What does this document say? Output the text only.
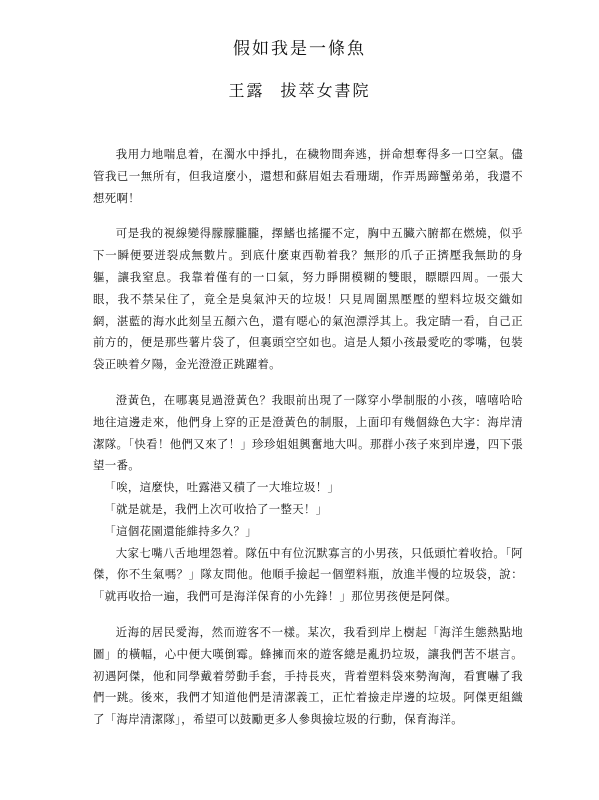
假如我是一條魚
王露 拔萃女書院

我用力地喘息着，在濁水中掙扎，在穢物間奔逃，拼命想奪得多一口空氣。儘管我已一無所有，但我這麼小，還想和蘇眉姐去看珊瑚，作弄馬蹄蟹弟弟，我還不想死啊！

可是我的視線變得朦朦朧朧，擇鰭也搖擺不定，胸中五臟六腑都在燃燒，似乎下一瞬便要迸裂成無數片。到底什麼東西勒着我？無形的爪子正擠壓我無助的身軀，讓我窒息。我靠着僅有的一口氣，努力睜開模糊的雙眼，瞟瞟四周。一張大眼，我不禁呆住了，竟全是臭氣沖天的垃圾！只見周圍黑壓壓的塑料垃圾交織如網，湛藍的海水此刻呈五顏六色，還有噁心的氣泡漂浮其上。我定睛一看，自己正前方的，便是那些薯片袋了，但裏頭空空如也。這是人類小孩最愛吃的零嘴，包裝袋正映着夕陽，金光澄澄正跳躍着。

澄黃色，在哪裏見過澄黃色？我眼前出現了一隊穿小學制服的小孩，嘻嘻哈哈地往這邊走來，他們身上穿的正是澄黃色的制服，上面印有幾個綠色大字：海岸清潔隊。「快看！他們又來了！」珍珍姐姐興奮地大叫。那群小孩子來到岸邊，四下張望一番。

「唉，這麼快，吐露港又積了一大堆垃圾！」

「就是就是，我們上次可收拾了一整天！」

「這個花園還能維持多久？」

大家七嘴八舌地埋怨着。隊伍中有位沉默寡言的小男孩，只低頭忙着收拾。「阿傑，你不生氣嗎？」隊友問他。他順手撿起一個塑料瓶，放進半慢的垃圾袋，說：「就再收拾一遍，我們可是海洋保育的小先鋒！」那位男孩便是阿傑。

近海的居民愛海，然而遊客不一樣。某次，我看到岸上樹起「海洋生態熱點地圖」的橫幅，心中便大嘆倒霉。蜂擁而來的遊客總是亂扔垃圾，讓我們苦不堪言。初遇阿傑，他和同學戴着勞動手套，手持長夾，背着塑料袋來勢洶洶，看實嚇了我們一跳。後來，我們才知道他們是清潔義工，正忙着撿走岸邊的垃圾。阿傑更組織了「海岸清潔隊」，希望可以鼓勵更多人參與撿垃圾的行動，保育海洋。
